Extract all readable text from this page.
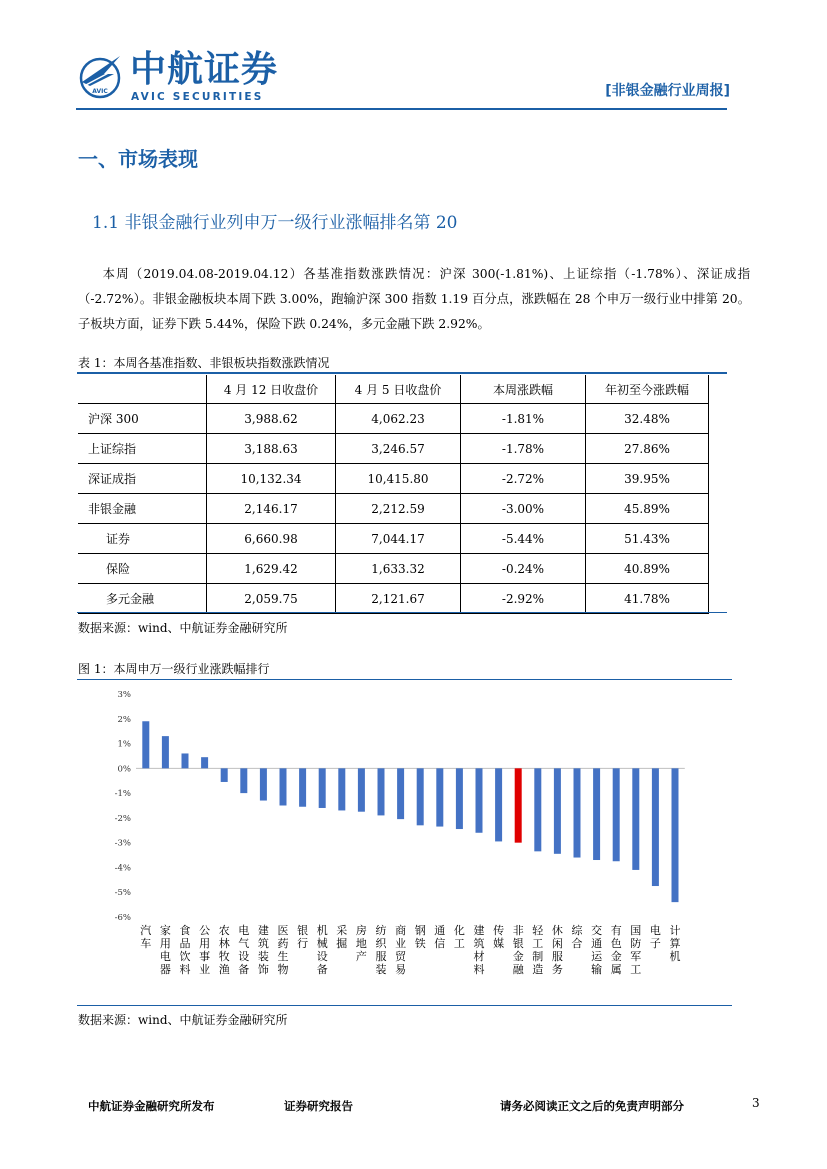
AVIC
中航证券
AVIC SECURITIES	[非银金融行业周报]
一、市场表现
1.1 非银金融行业列申万一级行业涨幅排名第 20
本周（2019.04.08-2019.04.12）各基准指数涨跌情况：沪深 300(-1.81%)、上证综指（-1.78%）、深证成指（-2.72%）。非银金融板块本周下跌 3.00%，跑输沪深 300 指数 1.19 百分点，涨跌幅在 28 个申万一级行业中排第 20。子板块方面，证券下跌 5.44%，保险下跌 0.24%，多元金融下跌 2.92%。
表 1：本周各基准指数、非银板块指数涨跌情况
	4 月 12 日收盘价	4 月 5 日收盘价	本周涨跌幅	年初至今涨跌幅
沪深 300	3,988.62	4,062.23	-1.81%	32.48%
上证综指	3,188.63	3,246.57	-1.78%	27.86%
深证成指	10,132.34	10,415.80	-2.72%	39.95%
非银金融	2,146.17	2,212.59	-3.00%	45.89%
证券	6,660.98	7,044.17	-5.44%	51.43%
保险	1,629.42	1,633.32	-0.24%	40.89%
多元金融	2,059.75	2,121.67	-2.92%	41.78%
数据来源：wind、中航证券金融研究所
图 1：本周申万一级行业涨跌幅排行
3%
2%
1%
0%
-1%
-2%
-3%
-4%
-5%
-6%
汽车
家用电器
食品饮料
公用事业
农林牧渔
电气设备
建筑装饰
医药生物
银行
机械设备
采掘
房地产
纺织服装
商业贸易
钢铁
通信
化工
建筑材料
传媒
非银金融
轻工制造
休闲服务
综合
交通运输
有色金属
国防军工
电子
计算机
数据来源：wind、中航证券金融研究所
中航证券金融研究所发布	证券研究报告	请务必阅读正文之后的免责声明部分	3
